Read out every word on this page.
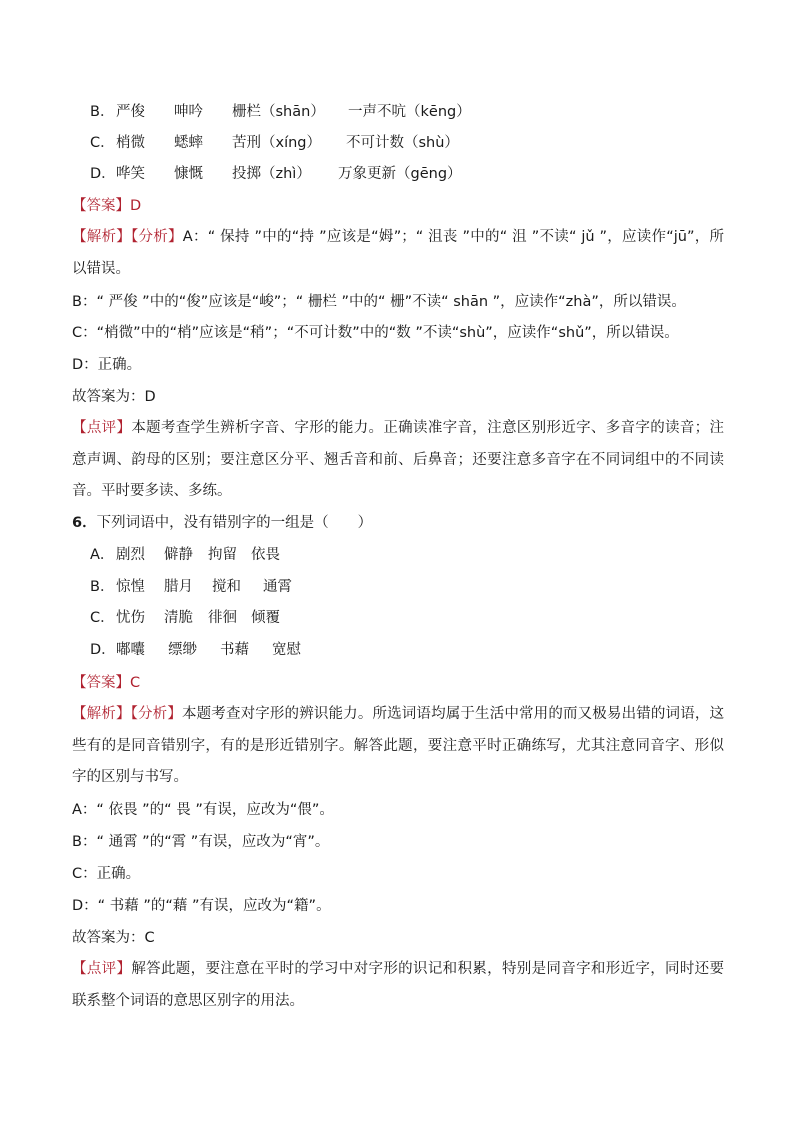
B． 严俊 呻吟 栅栏（shān） 一声不吭（kēng）
C．梢微 蟋蟀 苦刑（xíng） 不可计数（shù）
D．哗笑 慷慨 投掷（zhì） 万象更新（gēng）
【答案】D
【解析】【分析】A：“ 保持 ”中的“持 ”应该是“姆”；“ 沮丧 ”中的“ 沮 ”不读“ jǔ ”，应读作“jū”，所以错误。
B：“ 严俊 ”中的“俊”应该是“峻”；“ 栅栏 ”中的“ 栅”不读“ shān ”，应读作“zhà”，所以错误。
C：“梢微”中的“梢”应该是“稍”；“不可计数”中的“数 ”不读“shù”，应读作“shǔ”，所以错误。
D：正确。
故答案为：D
【点评】本题考查学生辨析字音、字形的能力。正确读准字音，注意区别形近字、多音字的读音；注意声调、韵母的区别；要注意区分平、翘舌音和前、后鼻音；还要注意多音字在不同词组中的不同读音。平时要多读、多练。
6．下列词语中，没有错别字的一组是（　　）
A． 剧烈 僻静 拘留 依畏
B． 惊惶 腊月 搅和 通霄
C．忧伤 清脆 徘徊 倾覆
D．嘟囔 缥缈 书藉 宽慰
【答案】C
【解析】【分析】本题考查对字形的辨识能力。所选词语均属于生活中常用的而又极易出错的词语，这些有的是同音错别字，有的是形近错别字。解答此题，要注意平时正确练写，尤其注意同音字、形似字的区别与书写。
A：“ 依畏 ”的“ 畏 ”有误，应改为“偎”。
B：“ 通霄 ”的“霄 ”有误，应改为“宵”。
C：正确。
D：“ 书藉 ”的“藉 ”有误，应改为“籍”。
故答案为：C
【点评】解答此题，要注意在平时的学习中对字形的识记和积累，特别是同音字和形近字，同时还要联系整个词语的意思区别字的用法。
